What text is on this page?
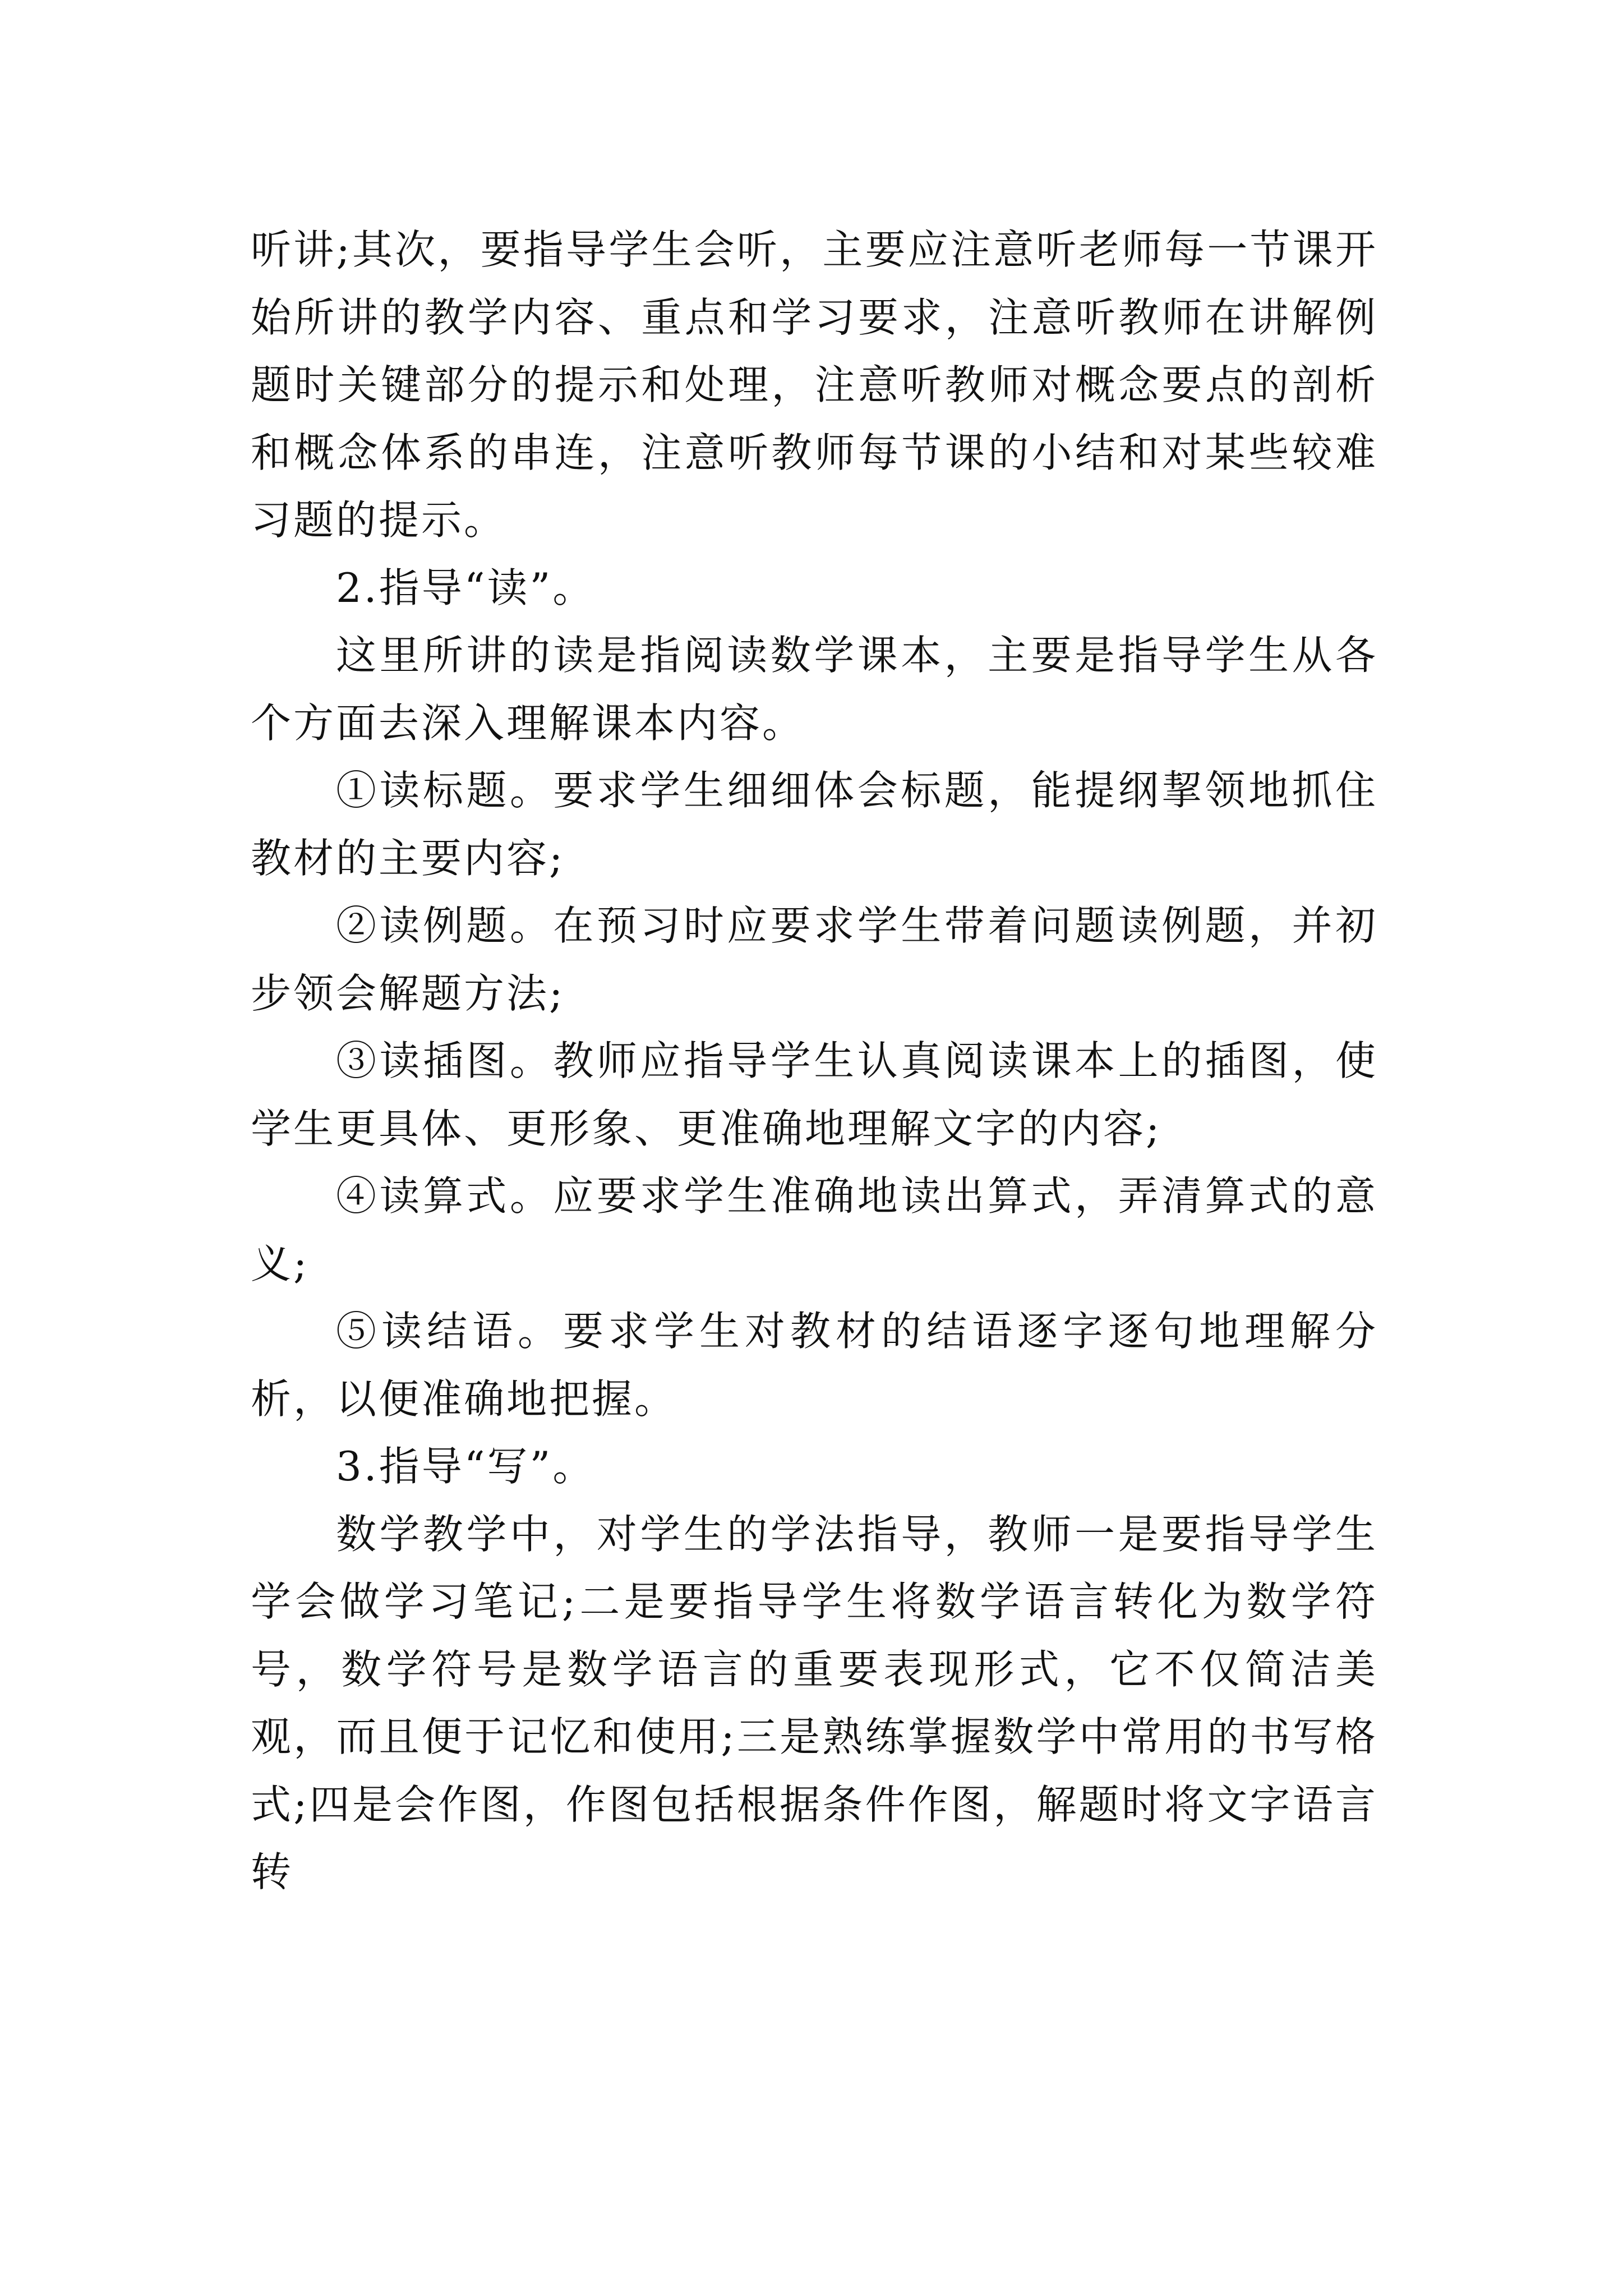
听讲;其次，要指导学生会听，主要应注意听老师每一节课开始所讲的教学内容、重点和学习要求，注意听教师在讲解例题时关键部分的提示和处理，注意听教师对概念要点的剖析和概念体系的串连，注意听教师每节课的小结和对某些较难习题的提示。

2.指导“读”。

这里所讲的读是指阅读数学课本，主要是指导学生从各个方面去深入理解课本内容。

①读标题。要求学生细细体会标题，能提纲挈领地抓住教材的主要内容;

②读例题。在预习时应要求学生带着问题读例题，并初步领会解题方法;

③读插图。教师应指导学生认真阅读课本上的插图，使学生更具体、更形象、更准确地理解文字的内容;

④读算式。应要求学生准确地读出算式，弄清算式的意义;

⑤读结语。要求学生对教材的结语逐字逐句地理解分析，以便准确地把握。

3.指导“写”。

数学教学中，对学生的学法指导，教师一是要指导学生学会做学习笔记;二是要指导学生将数学语言转化为数学符号，数学符号是数学语言的重要表现形式，它不仅简洁美观，而且便于记忆和使用;三是熟练掌握数学中常用的书写格式;四是会作图，作图包括根据条件作图，解题时将文字语言转
